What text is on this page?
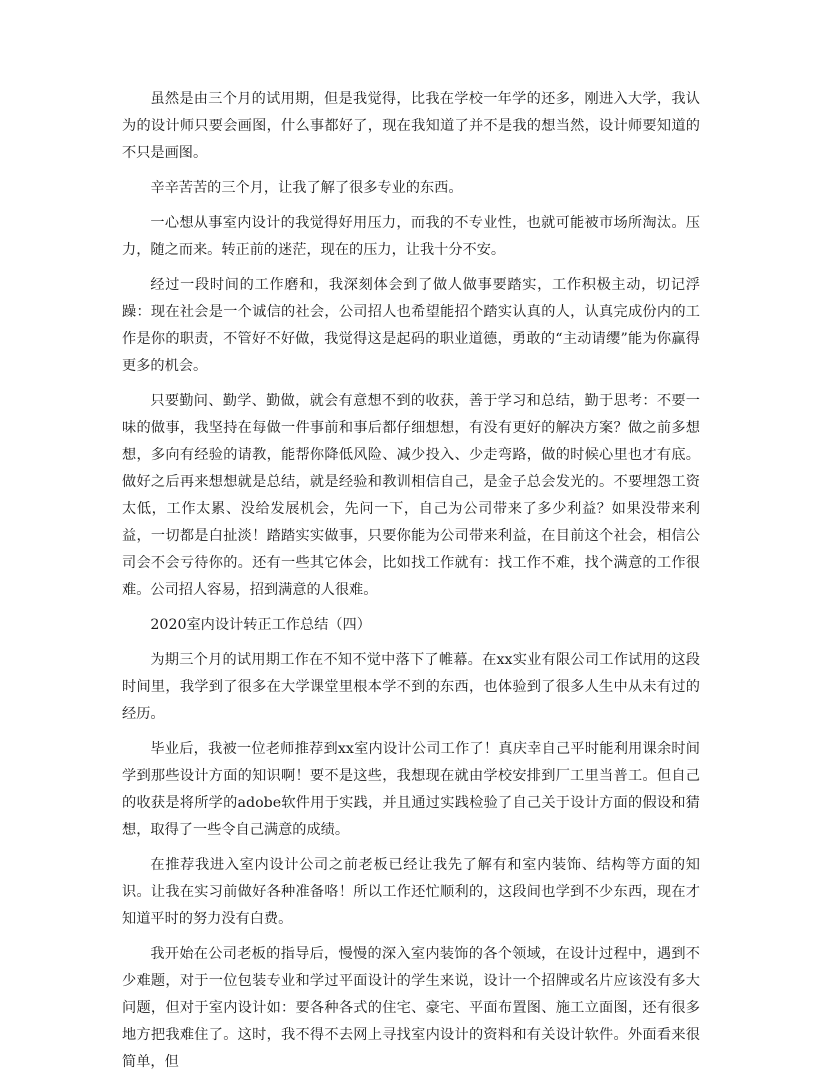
虽然是由三个月的试用期，但是我觉得，比我在学校一年学的还多，刚进入大学，我认为的设计师只要会画图，什么事都好了，现在我知道了并不是我的想当然，设计师要知道的不只是画图。

辛辛苦苦的三个月，让我了解了很多专业的东西。

一心想从事室内设计的我觉得好用压力，而我的不专业性，也就可能被市场所淘汰。压力，随之而来。转正前的迷茫，现在的压力，让我十分不安。

经过一段时间的工作磨和，我深刻体会到了做人做事要踏实，工作积极主动，切记浮躁：现在社会是一个诚信的社会，公司招人也希望能招个踏实认真的人，认真完成份内的工作是你的职责，不管好不好做，我觉得这是起码的职业道德，勇敢的“主动请缨”能为你赢得更多的机会。

只要勤问、勤学、勤做，就会有意想不到的收获，善于学习和总结，勤于思考：不要一味的做事，我坚持在每做一件事前和事后都仔细想想，有没有更好的解决方案？做之前多想想，多向有经验的请教，能帮你降低风险、减少投入、少走弯路，做的时候心里也才有底。做好之后再来想想就是总结，就是经验和教训相信自己，是金子总会发光的。不要埋怨工资太低，工作太累、没给发展机会，先问一下，自己为公司带来了多少利益？如果没带来利益，一切都是白扯淡！踏踏实实做事，只要你能为公司带来利益，在目前这个社会，相信公司会不会亏待你的。还有一些其它体会，比如找工作就有：找工作不难，找个满意的工作很难。公司招人容易，招到满意的人很难。

2020室内设计转正工作总结（四）

为期三个月的试用期工作在不知不觉中落下了帷幕。在xx实业有限公司工作试用的这段时间里，我学到了很多在大学课堂里根本学不到的东西，也体验到了很多人生中从未有过的经历。

毕业后，我被一位老师推荐到xx室内设计公司工作了！真庆幸自己平时能利用课余时间学到那些设计方面的知识啊！要不是这些，我想现在就由学校安排到厂工里当普工。但自己的收获是将所学的adobe软件用于实践，并且通过实践检验了自己关于设计方面的假设和猜想，取得了一些令自己满意的成绩。

在推荐我进入室内设计公司之前老板已经让我先了解有和室内装饰、结构等方面的知识。让我在实习前做好各种准备咯！所以工作还忙顺利的，这段间也学到不少东西，现在才知道平时的努力没有白费。

我开始在公司老板的指导后，慢慢的深入室内装饰的各个领域，在设计过程中，遇到不少难题，对于一位包装专业和学过平面设计的学生来说，设计一个招牌或名片应该没有多大问题，但对于室内设计如：要各种各式的住宅、豪宅、平面布置图、施工立面图，还有很多地方把我难住了。这时，我不得不去网上寻找室内设计的资料和有关设计软件。外面看来很简单，但
